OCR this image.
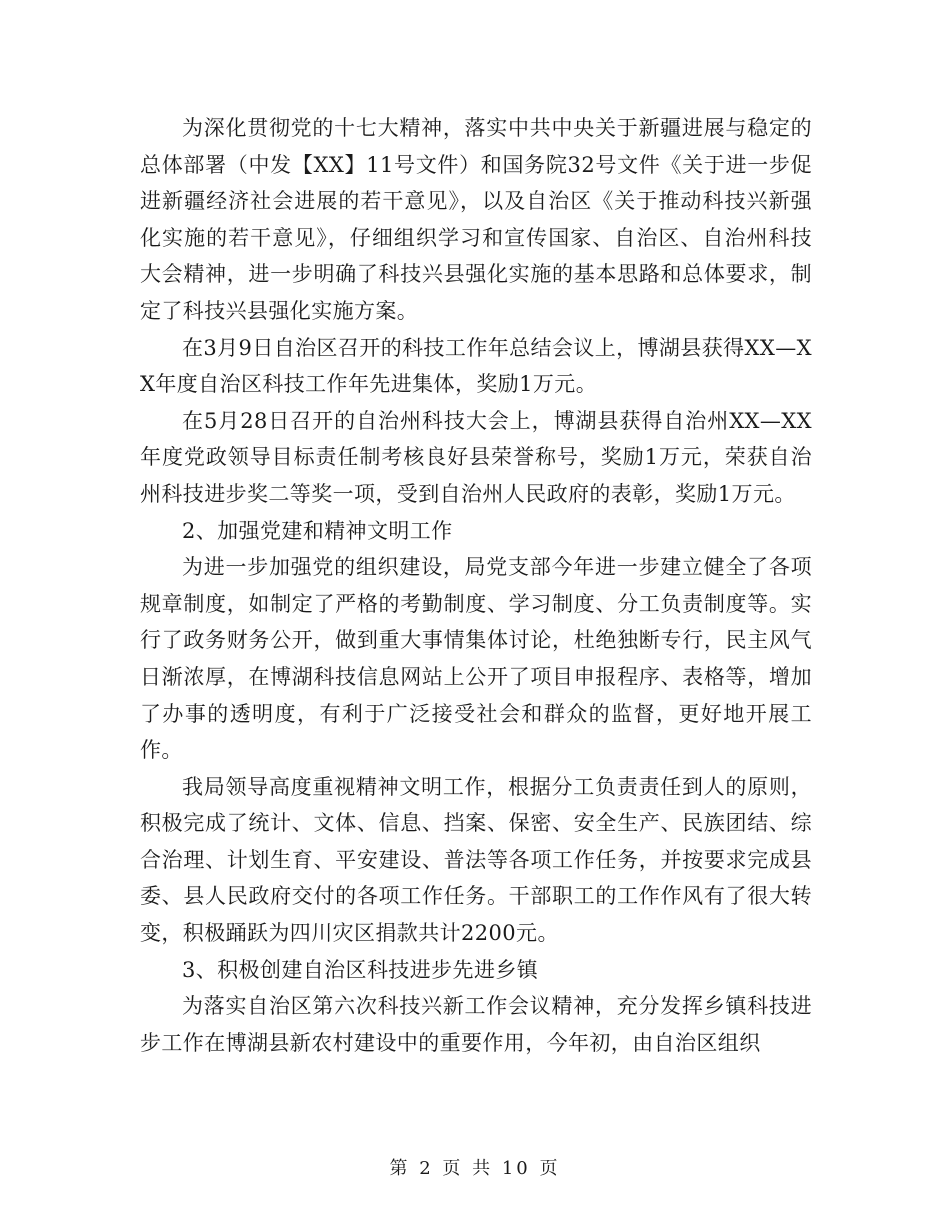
为深化贯彻党的十七大精神，落实中共中央关于新疆进展与稳定的总体部署（中发【XX】11号文件）和国务院32号文件《关于进一步促进新疆经济社会进展的若干意见》，以及自治区《关于推动科技兴新强化实施的若干意见》，仔细组织学习和宣传国家、自治区、自治州科技大会精神，进一步明确了科技兴县强化实施的基本思路和总体要求，制定了科技兴县强化实施方案。

在3月9日自治区召开的科技工作年总结会议上，博湖县获得XX—XX年度自治区科技工作年先进集体，奖励1万元。

在5月28日召开的自治州科技大会上，博湖县获得自治州XX—XX年度党政领导目标责任制考核良好县荣誉称号，奖励1万元，荣获自治州科技进步奖二等奖一项，受到自治州人民政府的表彰，奖励1万元。

2、加强党建和精神文明工作

为进一步加强党的组织建设，局党支部今年进一步建立健全了各项规章制度，如制定了严格的考勤制度、学习制度、分工负责制度等。实行了政务财务公开，做到重大事情集体讨论，杜绝独断专行，民主风气日渐浓厚，在博湖科技信息网站上公开了项目申报程序、表格等，增加了办事的透明度，有利于广泛接受社会和群众的监督，更好地开展工作。

我局领导高度重视精神文明工作，根据分工负责责任到人的原则，积极完成了统计、文体、信息、挡案、保密、安全生产、民族团结、综合治理、计划生育、平安建设、普法等各项工作任务，并按要求完成县委、县人民政府交付的各项工作任务。干部职工的工作作风有了很大转变，积极踊跃为四川灾区捐款共计2200元。

3、积极创建自治区科技进步先进乡镇

为落实自治区第六次科技兴新工作会议精神，充分发挥乡镇科技进步工作在博湖县新农村建设中的重要作用，今年初，由自治区组织

第 2 页 共 10 页
